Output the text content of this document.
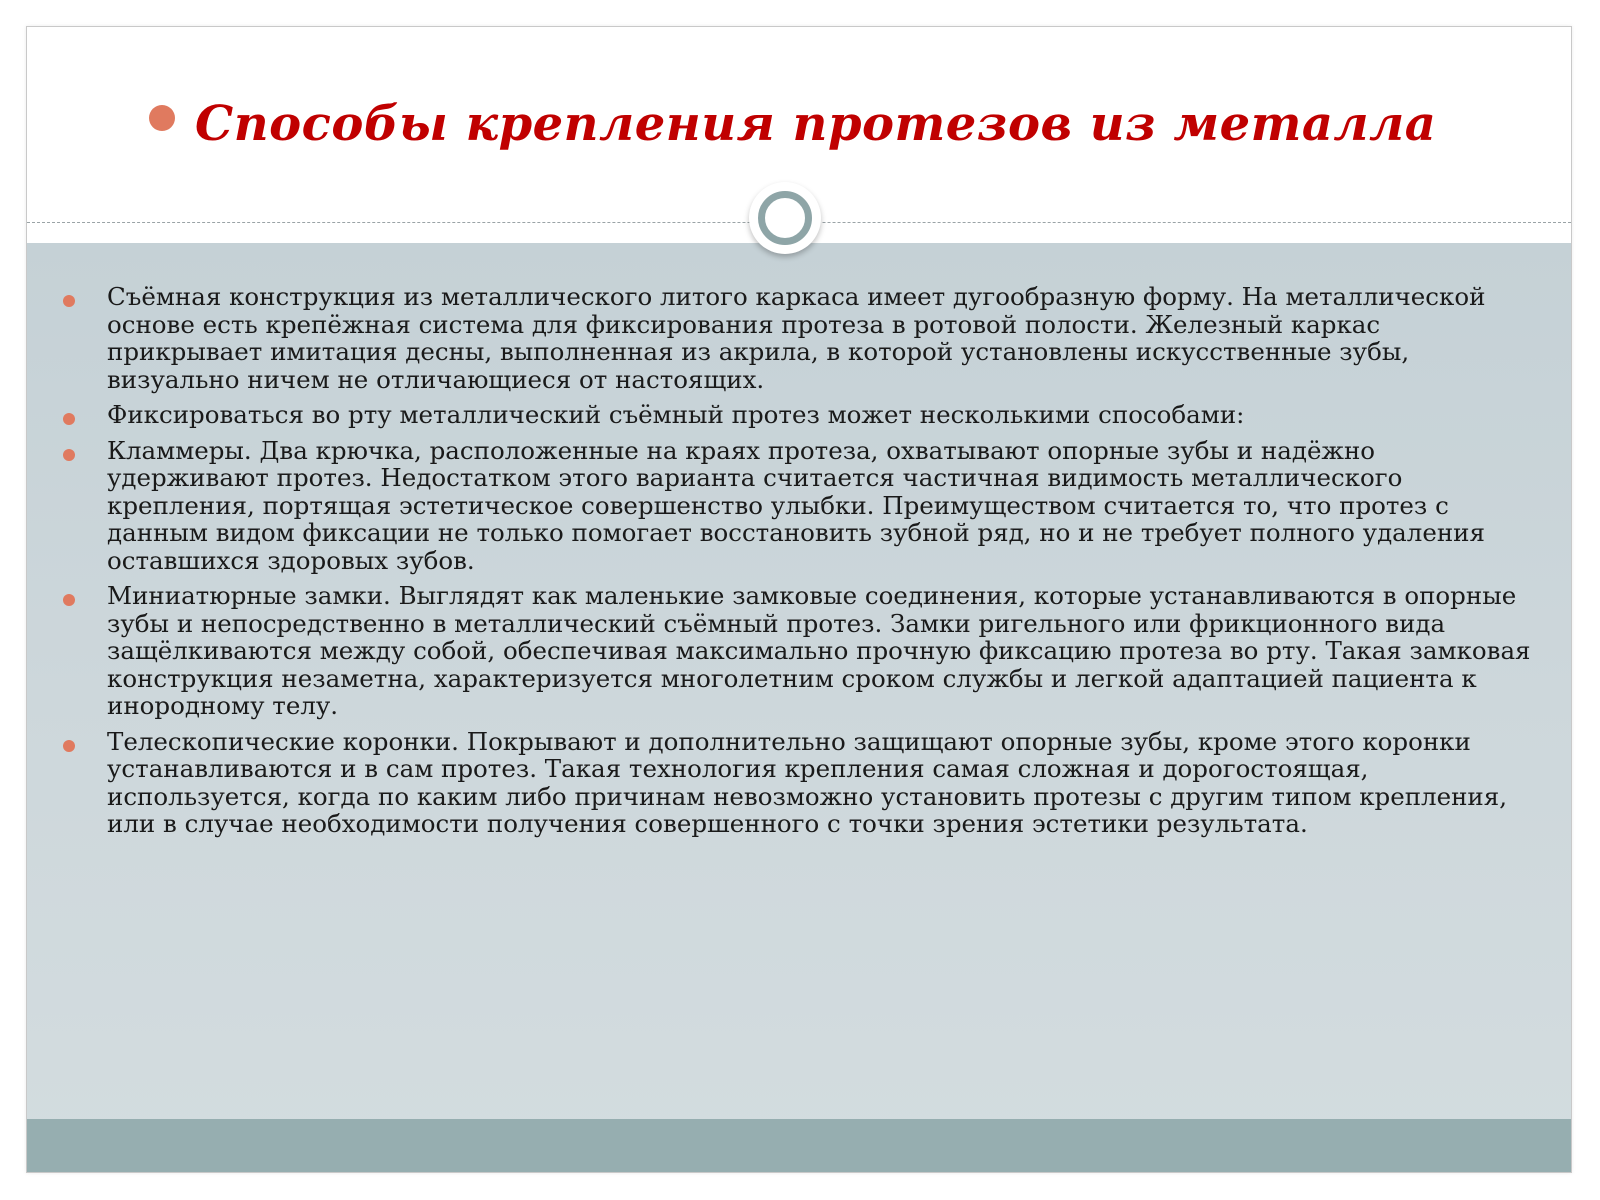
Способы крепления протезов из металла

Съёмная конструкция из металлического литого каркаса имеет дугообразную форму. На металлической основе есть крепёжная система для фиксирования протеза в ротовой полости. Железный каркас прикрывает имитация десны, выполненная из акрила, в которой установлены искусственные зубы, визуально ничем не отличающиеся от настоящих.

Фиксироваться во рту металлический съёмный протез может несколькими способами:

Кламмеры. Два крючка, расположенные на краях протеза, охватывают опорные зубы и надёжно удерживают протез. Недостатком этого варианта считается частичная видимость металлического крепления, портящая эстетическое совершенство улыбки. Преимуществом считается то, что протез с данным видом фиксации не только помогает восстановить зубной ряд, но и не требует полного удаления оставшихся здоровых зубов.

Миниатюрные замки. Выглядят как маленькие замковые соединения, которые устанавливаются в опорные зубы и непосредственно в металлический съёмный протез. Замки ригельного или фрикционного вида защёлкиваются между собой, обеспечивая максимально прочную фиксацию протеза во рту. Такая замковая конструкция незаметна, характеризуется многолетним сроком службы и легкой адаптацией пациента к инородному телу.

Телескопические коронки. Покрывают и дополнительно защищают опорные зубы, кроме этого коронки устанавливаются и в сам протез. Такая технология крепления самая сложная и дорогостоящая, используется, когда по каким либо причинам невозможно установить протезы с другим типом крепления, или в случае необходимости получения совершенного с точки зрения эстетики результата.
